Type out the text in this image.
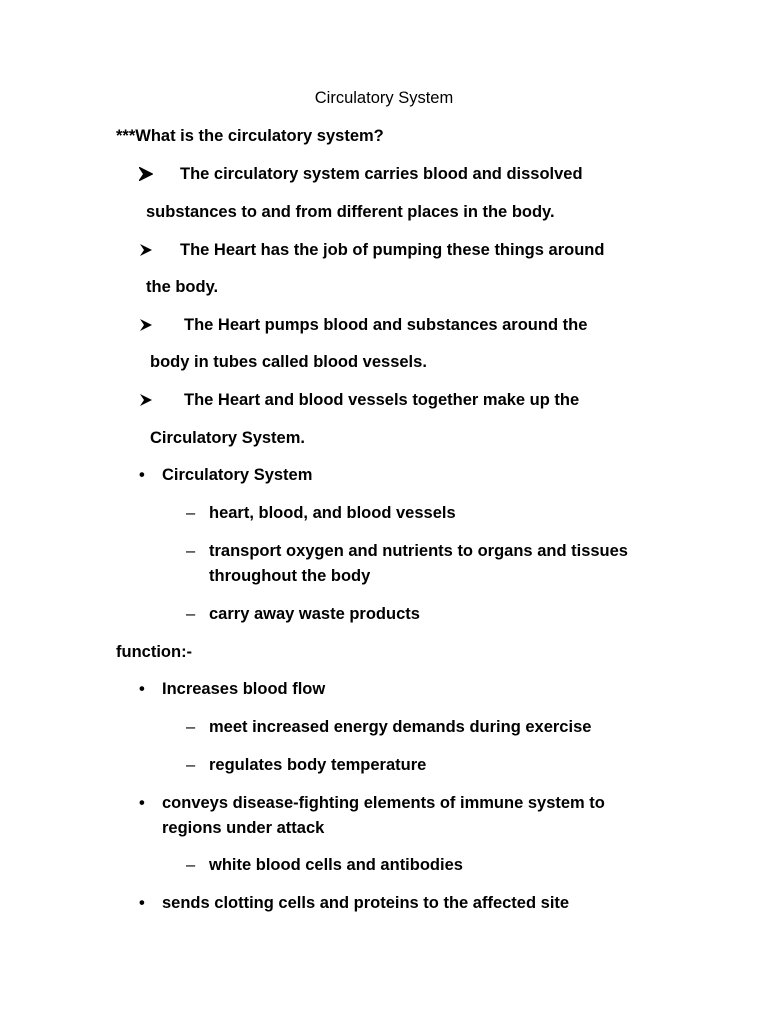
Circulatory System
***What is the circulatory system?
The circulatory system carries blood and dissolved
substances to and from different places in the body.
The Heart has the job of pumping these things around
the body.
The Heart pumps blood and substances around the
body in tubes called blood vessels.
The Heart and blood vessels together make up the
Circulatory System.
• Circulatory System
– heart, blood, and blood vessels
– transport oxygen and nutrients to organs and tissues
throughout the body
– carry away waste products
function:-
• Increases blood flow
– meet increased energy demands during exercise
– regulates body temperature
• conveys disease-fighting elements of immune system to
regions under attack
– white blood cells and antibodies
• sends clotting cells and proteins to the affected site
